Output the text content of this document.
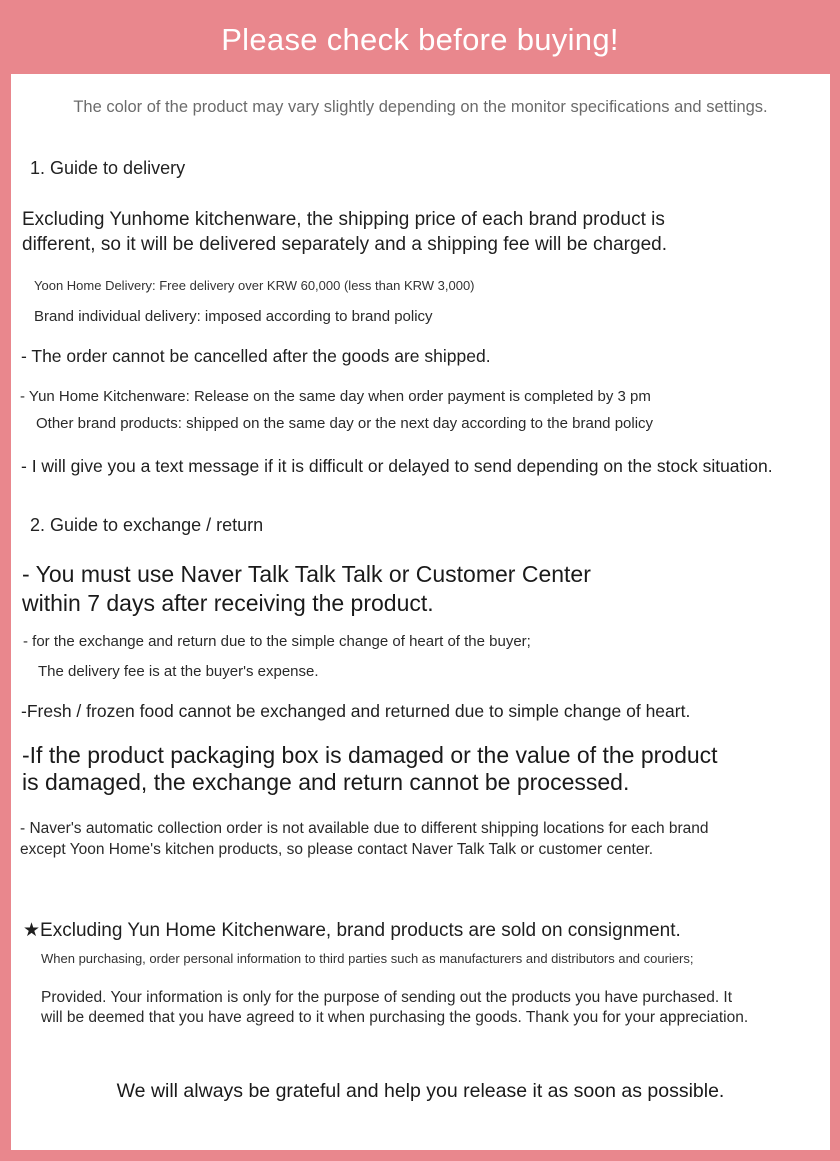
Please check before buying!

The color of the product may vary slightly depending on the monitor specifications and settings.

1. Guide to delivery

Excluding Yunhome kitchenware, the shipping price of each brand product is

different, so it will be delivered separately and a shipping fee will be charged.

Yoon Home Delivery: Free delivery over KRW 60,000 (less than KRW 3,000)

Brand individual delivery: imposed according to brand policy

- The order cannot be cancelled after the goods are shipped.

- Yun Home Kitchenware: Release on the same day when order payment is completed by 3 pm

Other brand products: shipped on the same day or the next day according to the brand policy

- I will give you a text message if it is difficult or delayed to send depending on the stock situation.

2. Guide to exchange / return

- You must use Naver Talk Talk Talk or Customer Center

within 7 days after receiving the product.

- for the exchange and return due to the simple change of heart of the buyer;

The delivery fee is at the buyer's expense.

-Fresh / frozen food cannot be exchanged and returned due to simple change of heart.

-If the product packaging box is damaged or the value of the product

is damaged, the exchange and return cannot be processed.

- Naver's automatic collection order is not available due to different shipping locations for each brand

except Yoon Home's kitchen products, so please contact Naver Talk Talk or customer center.

★Excluding Yun Home Kitchenware, brand products are sold on consignment.

When purchasing, order personal information to third parties such as manufacturers and distributors and couriers;

Provided. Your information is only for the purpose of sending out the products you have purchased. It

will be deemed that you have agreed to it when purchasing the goods. Thank you for your appreciation.

We will always be grateful and help you release it as soon as possible.
